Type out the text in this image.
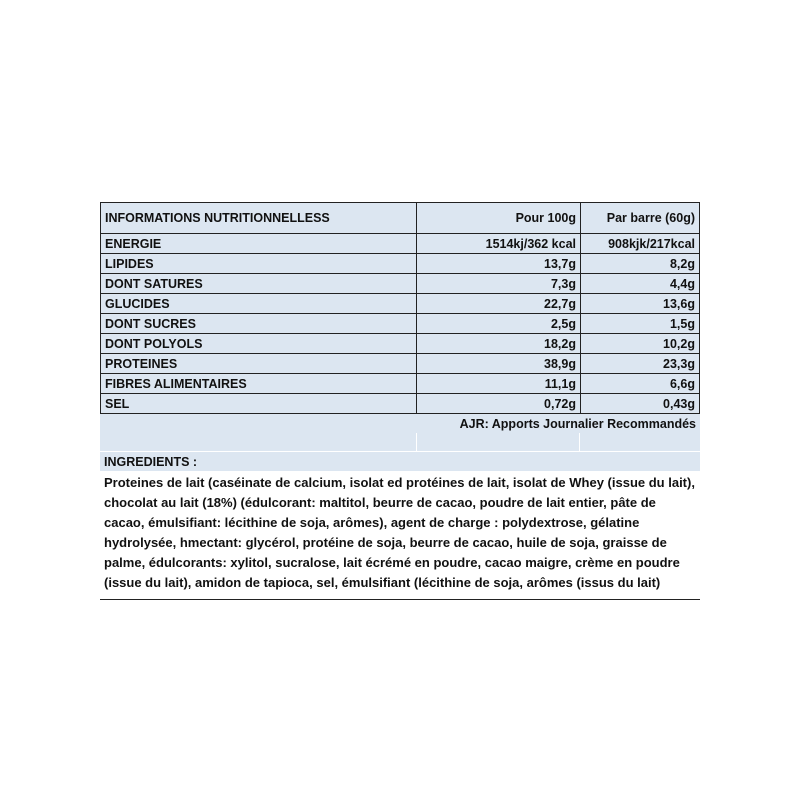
INFORMATIONS NUTRITIONNELLESS	Pour 100g	Par barre (60g)
ENERGIE	1514kj/362 kcal	908kjk/217kcal
LIPIDES	13,7g	8,2g
DONT SATURES	7,3g	4,4g
GLUCIDES	22,7g	13,6g
DONT SUCRES	2,5g	1,5g
DONT POLYOLS	18,2g	10,2g
PROTEINES	38,9g	23,3g
FIBRES ALIMENTAIRES	11,1g	6,6g
SEL	0,72g	0,43g
AJR: Apports Journalier Recommandés
INGREDIENTS :
Proteines de lait (caséinate de calcium, isolat ed protéines de lait, isolat de Whey (issue du lait), chocolat au lait (18%) (édulcorant: maltitol, beurre de cacao, poudre de lait entier, pâte de cacao, émulsifiant: lécithine de soja, arômes), agent de charge : polydextrose, gélatine hydrolysée, hmectant: glycérol, protéine de soja, beurre de cacao, huile de soja, graisse de palme, édulcorants: xylitol, sucralose, lait écrémé en poudre, cacao maigre, crème en poudre (issue du lait), amidon de tapioca, sel, émulsifiant (lécithine de soja, arômes (issus du lait)
